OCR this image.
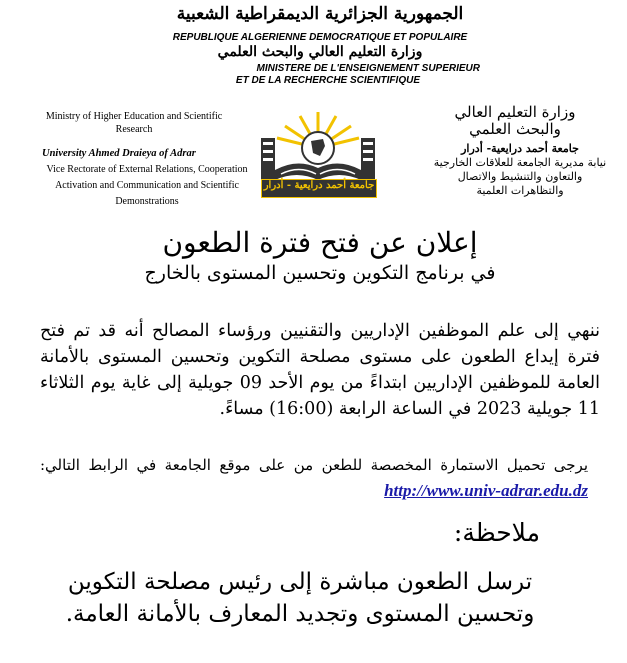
الجمهورية الجزائرية الديمقراطية الشعبية
REPUBLIQUE ALGERIENNE DEMOCRATIQUE ET POPULAIRE
وزارة التعليم العالي والبحث العلمي
MINISTERE DE L'ENSEIGNEMENT SUPERIEUR
ET DE LA RECHERCHE SCIENTIFIQUE
Ministry of Higher Education and Scientific Research
University Ahmed Draieya of Adrar
Vice Rectorate of External Relations, Cooperation Activation and Communication and Scientific Demonstrations
وزارة التعليم العالي والبحث العلمي
جامعة أحمد درايعية- أدرار
نيابة مديرية الجامعة للعلاقات الخارجية والتعاون والتنشيط والاتصال والتظاهرات العلمية
جامعة أحمد درايعية - أدرار
إعلان عن فتح فترة الطعون
في برنامج التكوين وتحسين المستوى بالخارج
ننهي إلى علم الموظفين الإداريين والتقنيين ورؤساء المصالح أنه قد تم فتح فترة إيداع الطعون على مستوى مصلحة التكوين وتحسين المستوى بالأمانة العامة للموظفين الإداريين ابتداءً من يوم الأحد 09 جويلية إلى غاية يوم الثلاثاء 11 جويلية 2023 في الساعة الرابعة (16:00) مساءً.
يرجى تحميل الاستمارة المخصصة للطعن من على موقع الجامعة في الرابط التالي: http://www.univ-adrar.edu.dz
ملاحظة:
ترسل الطعون مباشرة إلى رئيس مصلحة التكوين وتحسين المستوى وتجديد المعارف بالأمانة العامة.
